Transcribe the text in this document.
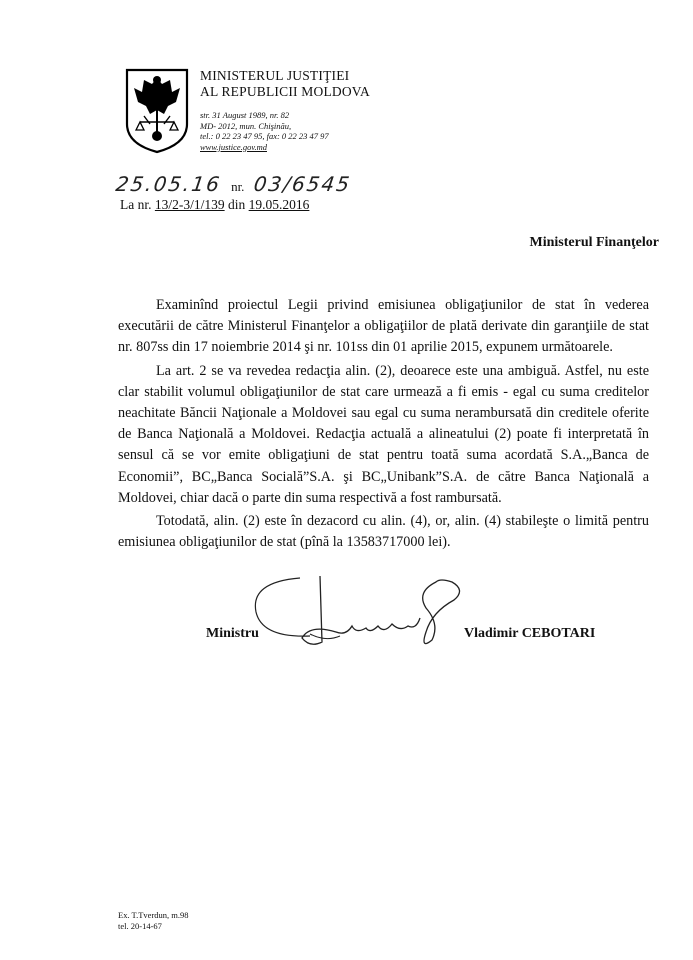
MINISTERUL JUSTIŢIEI
AL REPUBLICII MOLDOVA
str. 31 August 1989, nr. 82
MD- 2012, mun. Chişinău,
tel.: 0 22 23 47 95, fax: 0 22 23 47 97
www.justice.gov.md
25.05.16 nr. 03/6545
La nr. 13/2-3/1/139 din 19.05.2016
Ministerul Finanţelor

Examinînd proiectul Legii privind emisiunea obligaţiunilor de stat în vederea executării de către Ministerul Finanţelor a obligaţiilor de plată derivate din garanţiile de stat nr. 807ss din 17 noiembrie 2014 şi nr. 101ss din 01 aprilie 2015, expunem următoarele.

La art. 2 se va revedea redacţia alin. (2), deoarece este una ambiguă. Astfel, nu este clar stabilit volumul obligaţiunilor de stat care urmează a fi emis - egal cu suma creditelor neachitate Băncii Naţionale a Moldovei sau egal cu suma nerambursată din creditele oferite de Banca Naţională a Moldovei. Redacţia actuală a alineatului (2) poate fi interpretată în sensul că se vor emite obligaţiuni de stat pentru toată suma acordată S.A.„Banca de Economii”, BC„Banca Socială”S.A. şi BC„Unibank”S.A. de către Banca Naţională a Moldovei, chiar dacă o parte din suma respectivă a fost rambursată.

Totodată, alin. (2) este în dezacord cu alin. (4), or, alin. (4) stabileşte o limită pentru emisiunea obligaţiunilor de stat (pînă la 13583717000 lei).

Ministru	Vladimir CEBOTARI
Ex. T.Tverdun, m.98
tel. 20-14-67
